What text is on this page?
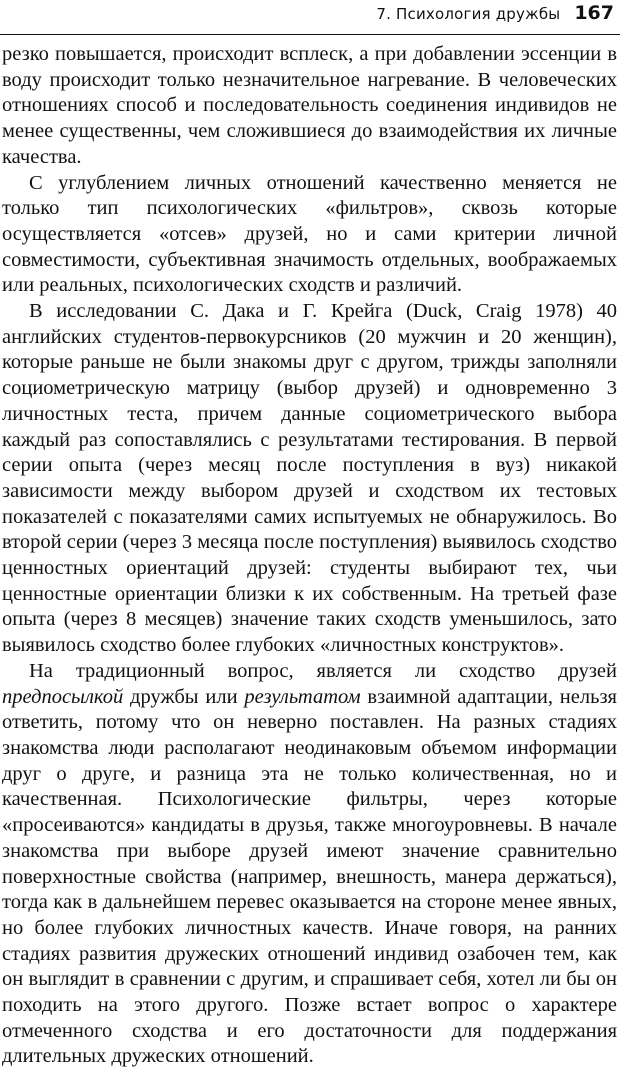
7. Психология дружбы 167

резко повышается, происходит всплеск, а при добавлении эссенции в воду происходит только незначительное нагревание. В человеческих отношениях способ и последовательность соединения индивидов не менее существенны, чем сложившиеся до взаимодействия их личные качества.

С углублением личных отношений качественно меняется не только тип психологических «фильтров», сквозь которые осуществляется «отсев» друзей, но и сами критерии личной совместимости, субъективная значимость отдельных, воображаемых или реальных, психологических сходств и различий.

В исследовании С. Дака и Г. Крейга (Duck, Craig 1978) 40 английских студентов-первокурсников (20 мужчин и 20 женщин), которые раньше не были знакомы друг с другом, трижды заполняли социометрическую матрицу (выбор друзей) и одновременно 3 личностных теста, причем данные социометрического выбора каждый раз сопоставлялись с результатами тестирования. В первой серии опыта (через месяц после поступления в вуз) никакой зависимости между выбором друзей и сходством их тестовых показателей с показателями самих испытуемых не обнаружилось. Во второй серии (через 3 месяца после поступления) выявилось сходство ценностных ориентаций друзей: студенты выбирают тех, чьи ценностные ориентации близки к их собственным. На третьей фазе опыта (через 8 месяцев) значение таких сходств уменьшилось, зато выявилось сходство более глубоких «личностных конструктов».

На традиционный вопрос, является ли сходство друзей предпосылкой дружбы или результатом взаимной адаптации, нельзя ответить, потому что он неверно поставлен. На разных стадиях знакомства люди располагают неодинаковым объемом информации друг о друге, и разница эта не только количественная, но и качественная. Психологические фильтры, через которые «просеиваются» кандидаты в друзья, также многоуровневы. В начале знакомства при выборе друзей имеют значение сравнительно поверхностные свойства (например, внешность, манера держаться), тогда как в дальнейшем перевес оказывается на стороне менее явных, но более глубоких личностных качеств. Иначе говоря, на ранних стадиях развития дружеских отношений индивид озабочен тем, как он выглядит в сравнении с другим, и спрашивает себя, хотел ли бы он походить на этого другого. Позже встает вопрос о характере отмеченного сходства и его достаточности для поддержания длительных дружеских отношений.
